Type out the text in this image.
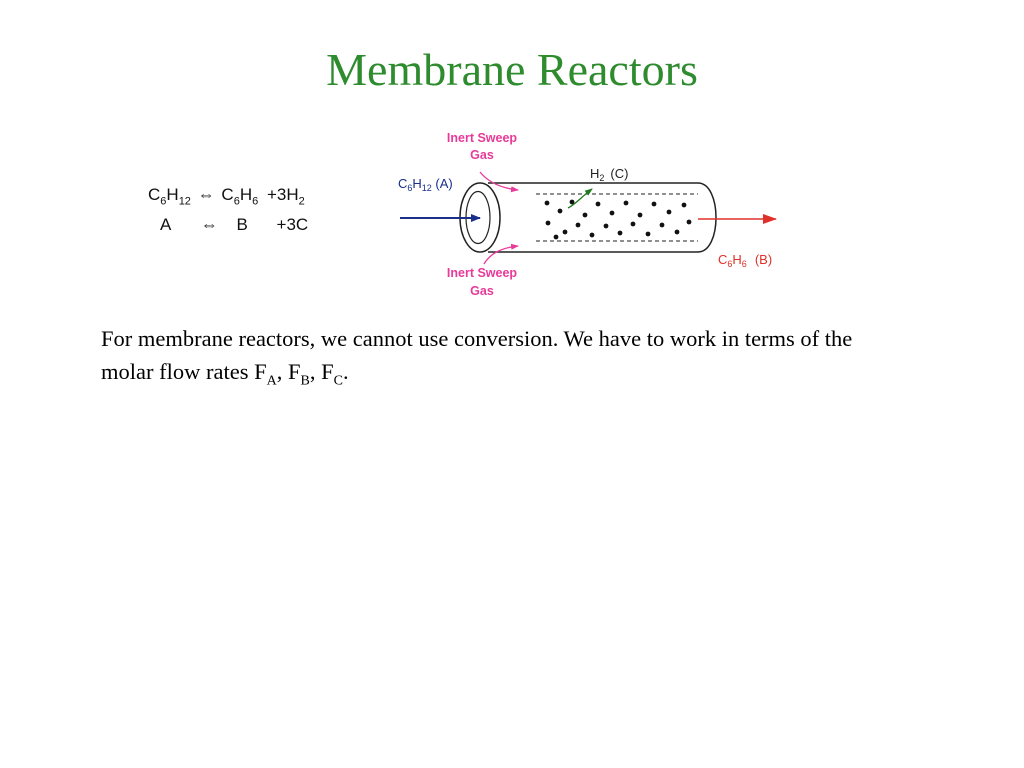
Membrane Reactors
$C_6H_{12}$ ⇔ $C_6H_6 +3H_2$
A ⇔ B +3C
Inert Sweep
Gas
Inert Sweep
Gas
$C_6H_{12}$ (A)
$H_2$ (C)
$C_6H_6$ (B)
For membrane reactors, we cannot use conversion. We have to work in terms of the molar flow rates $F_A$, $F_B$, $F_C$.
